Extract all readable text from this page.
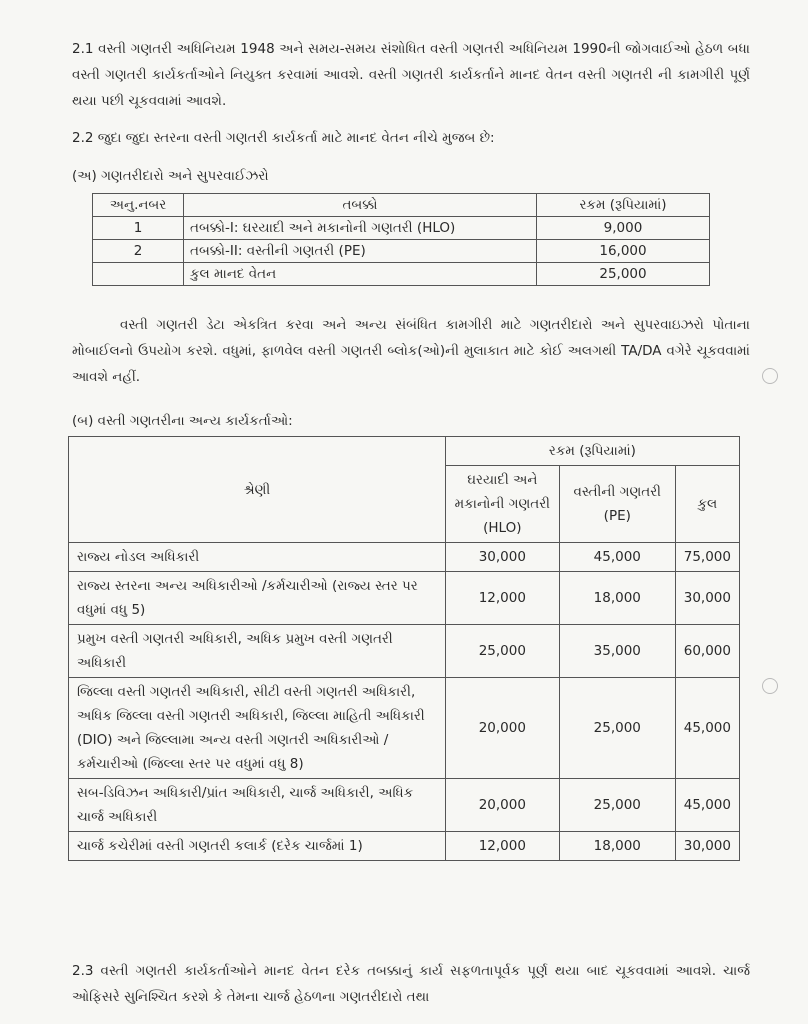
2.1 વસ્તી ગણતરી અધિનિયમ 1948 અને સમય-સમય સંશોધિત વસ્તી ગણતરી અધિનિયમ 1990ની જોગવાઈઓ હેઠળ બધા વસ્તી ગણતરી કાર્યકર્તાઓને નિયુક્ત કરવામાં આવશે. વસ્તી ગણતરી કાર્યકર્તાને માનદ વેતન વસ્તી ગણતરી ની કામગીરી પૂર્ણ થયા પછી ચૂકવવામાં આવશે.

2.2 જુદા જુદા સ્તરના વસ્તી ગણતરી કાર્યકર્તા માટે માનદ વેતન નીચે મુજબ છે:

(અ) ગણતરીદારો અને સુપરવાઈઝરો

અનુ.નબર	તબક્કો	રકમ (રૂપિયામાં)
1	તબક્કો-I: ઘરયાદી અને મકાનોની ગણતરી (HLO)	9,000
2	તબક્કો-II: વસ્તીની ગણતરી (PE)	16,000
	કુલ માનદ વેતન	25,000

વસ્તી ગણતરી ડેટા એકત્રિત કરવા અને અન્ય સંબંધિત કામગીરી માટે ગણતરીદારો અને સુપરવાઇઝરો પોતાના મોબાઈલનો ઉપયોગ કરશે. વધુમાં, ફાળવેલ વસ્તી ગણતરી બ્લોક(ઓ)ની મુલાકાત માટે કોઈ અલગથી TA/DA વગેરે ચૂકવવામાં આવશે નહીં.

(બ) વસ્તી ગણતરીના અન્ય કાર્યકર્તાઓ:

શ્રેણી	રકમ (રૂપિયામાં)		
	ઘરયાદી અને મકાનોની ગણતરી (HLO)	વસ્તીની ગણતરી (PE)	કુલ
રાજ્ય નોડલ અધિકારી	30,000	45,000	75,000
રાજ્ય સ્તરના અન્ય અધિકારીઓ /કર્મચારીઓ (રાજ્ય સ્તર પર વધુમાં વધુ 5)	12,000	18,000	30,000
પ્રમુખ વસ્તી ગણતરી અધિકારી, અધિક પ્રમુખ વસ્તી ગણતરી અધિકારી	25,000	35,000	60,000
જિલ્લા વસ્તી ગણતરી અધિકારી, સીટી વસ્તી ગણતરી અધિકારી, અધિક જિલ્લા વસ્તી ગણતરી અધિકારી, જિલ્લા માહિતી અધિકારી (DIO) અને જિલ્લામા અન્ય વસ્તી ગણતરી અધિકારીઓ /કર્મચારીઓ (જિલ્લા સ્તર પર વધુમાં વધુ 8)	20,000	25,000	45,000
સબ-ડિવિઝન અધિકારી/પ્રાંત અધિકારી, ચાર્જ અધિકારી, અધિક ચાર્જ અધિકારી	20,000	25,000	45,000
ચાર્જ કચેરીમાં વસ્તી ગણતરી કલાર્ક (દરેક ચાર્જમાં 1)	12,000	18,000	30,000

2.3 વસ્તી ગણતરી કાર્યકર્તાઓને માનદ વેતન દરેક તબક્કાનું કાર્ય સફળતાપૂર્વક પૂર્ણ થયા બાદ ચૂકવવામાં આવશે. ચાર્જ ઓફિસરે સુનિશ્ચિત કરશે કે તેમના ચાર્જ હેઠળના ગણતરીદારો તથા
